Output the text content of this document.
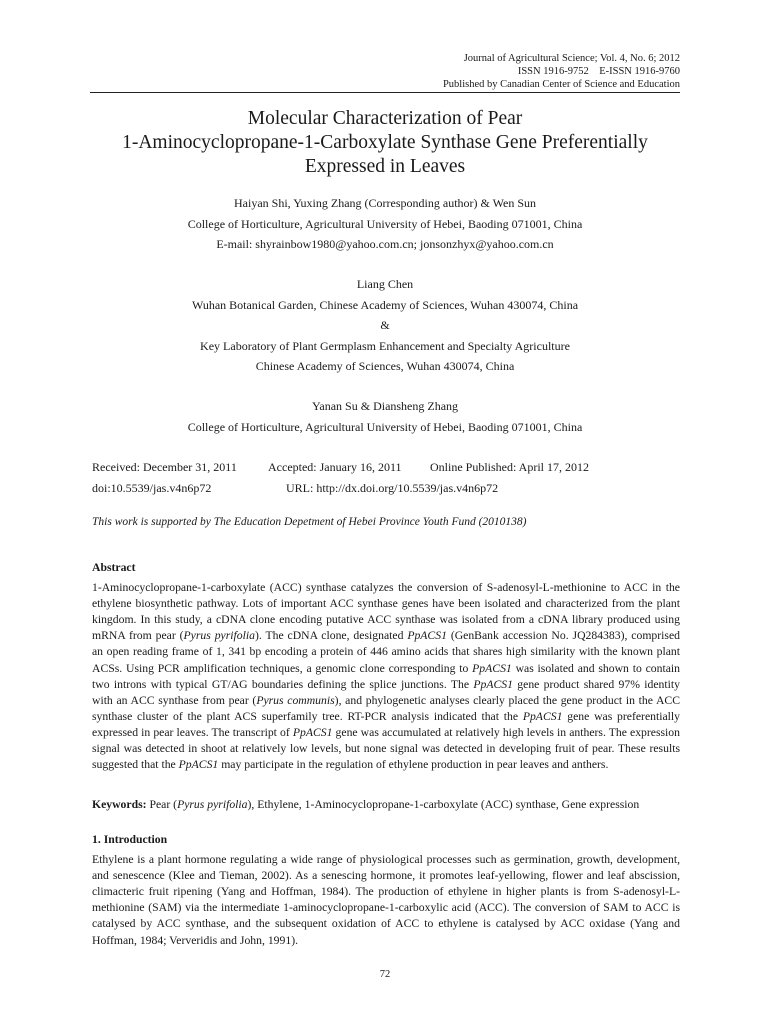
Journal of Agricultural Science; Vol. 4, No. 6; 2012
ISSN 1916-9752    E-ISSN 1916-9760
Published by Canadian Center of Science and Education
Molecular Characterization of Pear
1-Aminocyclopropane-1-Carboxylate Synthase Gene Preferentially
Expressed in Leaves
Haiyan Shi, Yuxing Zhang (Corresponding author) & Wen Sun
College of Horticulture, Agricultural University of Hebei, Baoding 071001, China
E-mail: shyrainbow1980@yahoo.com.cn; jonsonzhyx@yahoo.com.cn
Liang Chen
Wuhan Botanical Garden, Chinese Academy of Sciences, Wuhan 430074, China
&
Key Laboratory of Plant Germplasm Enhancement and Specialty Agriculture
Chinese Academy of Sciences, Wuhan 430074, China
Yanan Su & Diansheng Zhang
College of Horticulture, Agricultural University of Hebei, Baoding 071001, China
Received: December 31, 2011	Accepted: January 16, 2011 Online Published: April 17, 2012
doi:10.5539/jas.v4n6p72	URL: http://dx.doi.org/10.5539/jas.v4n6p72
This work is supported by The Education Depetment of Hebei Province Youth Fund (2010138)
Abstract

1-Aminocyclopropane-1-carboxylate (ACC) synthase catalyzes the conversion of S-adenosyl-L-methionine to ACC in the ethylene biosynthetic pathway. Lots of important ACC synthase genes have been isolated and characterized from the plant kingdom. In this study, a cDNA clone encoding putative ACC synthase was isolated from a cDNA library produced using mRNA from pear (Pyrus pyrifolia). The cDNA clone, designated PpACS1 (GenBank accession No. JQ284383), comprised an open reading frame of 1, 341 bp encoding a protein of 446 amino acids that shares high similarity with the known plant ACSs. Using PCR amplification techniques, a genomic clone corresponding to PpACS1 was isolated and shown to contain two introns with typical GT/AG boundaries defining the splice junctions. The PpACS1 gene product shared 97% identity with an ACC synthase from pear (Pyrus communis), and phylogenetic analyses clearly placed the gene product in the ACC synthase cluster of the plant ACS superfamily tree. RT-PCR analysis indicated that the PpACS1 gene was preferentially expressed in pear leaves. The transcript of PpACS1 gene was accumulated at relatively high levels in anthers. The expression signal was detected in shoot at relatively low levels, but none signal was detected in developing fruit of pear. These results suggested that the PpACS1 may participate in the regulation of ethylene production in pear leaves and anthers.

Keywords: Pear (Pyrus pyrifolia), Ethylene, 1-Aminocyclopropane-1-carboxylate (ACC) synthase, Gene expression

1. Introduction

Ethylene is a plant hormone regulating a wide range of physiological processes such as germination, growth, development, and senescence (Klee and Tieman, 2002). As a senescing hormone, it promotes leaf-yellowing, flower and leaf abscission, climacteric fruit ripening (Yang and Hoffman, 1984). The production of ethylene in higher plants is from S-adenosyl-L-methionine (SAM) via the intermediate 1-aminocyclopropane-1-carboxylic acid (ACC). The conversion of SAM to ACC is catalysed by ACC synthase, and the subsequent oxidation of ACC to ethylene is catalysed by ACC oxidase (Yang and Hoffman, 1984; Ververidis and John, 1991).

72
